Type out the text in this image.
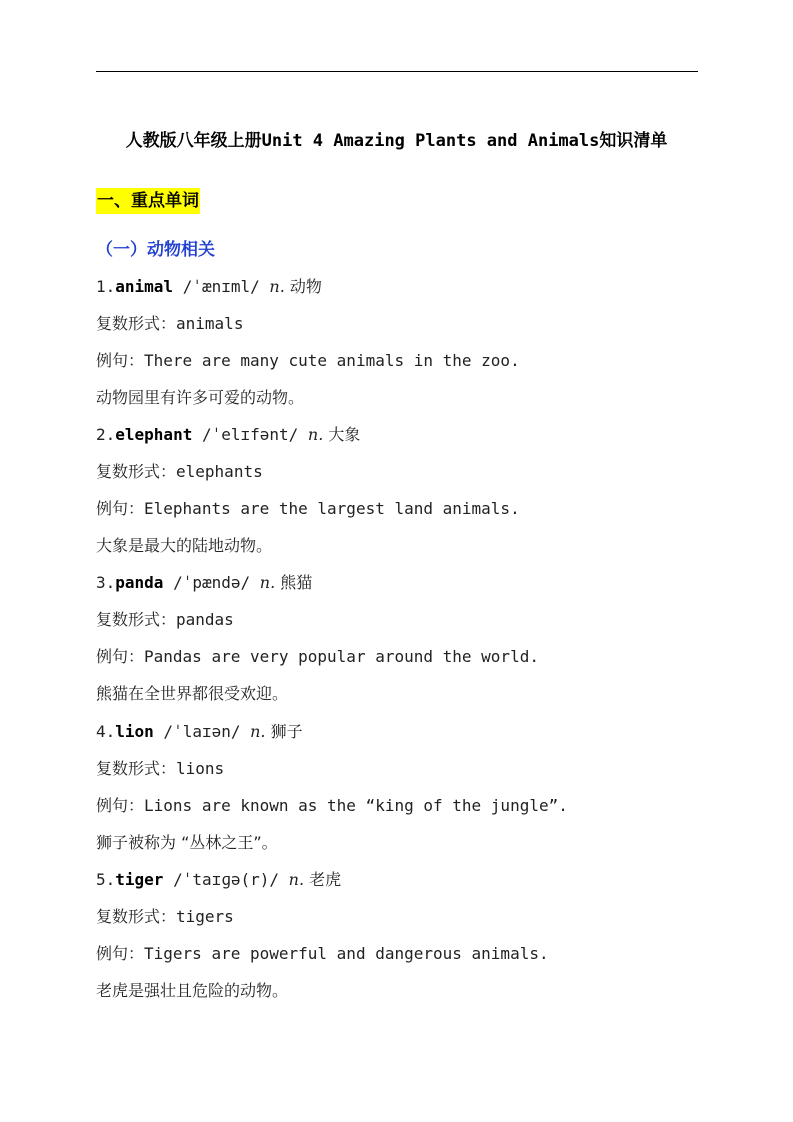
人教版八年级上册Unit 4 Amazing Plants and Animals知识清单
一、重点单词
（一）动物相关
1.animal /ˈænɪml/ n. 动物
复数形式：animals
例句：There are many cute animals in the zoo.
动物园里有许多可爱的动物。
2.elephant /ˈelɪfənt/ n. 大象
复数形式：elephants
例句：Elephants are the largest land animals.
大象是最大的陆地动物。
3.panda /ˈpændə/ n. 熊猫
复数形式：pandas
例句：Pandas are very popular around the world.
熊猫在全世界都很受欢迎。
4.lion /ˈlaɪən/ n. 狮子
复数形式：lions
例句：Lions are known as the “king of the jungle”.
狮子被称为 “丛林之王”。
5.tiger /ˈtaɪɡə(r)/ n. 老虎
复数形式：tigers
例句：Tigers are powerful and dangerous animals.
老虎是强壮且危险的动物。
